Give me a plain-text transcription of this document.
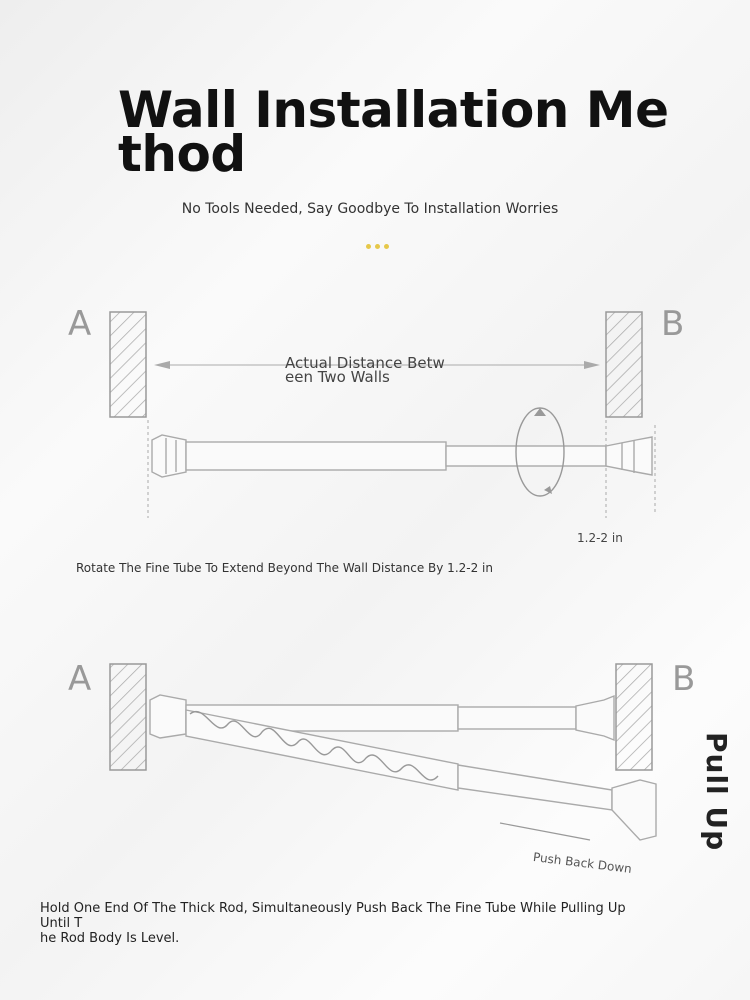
Wall Installation Me
thod
No Tools Needed, Say Goodbye To Installation Worries
A	B
Actual Distance Betw
een Two Walls
1.2-2 in
Rotate The Fine Tube To Extend Beyond The Wall Distance By 1.2-2 in
A	B
Push Back Down
Pull Up
Hold One End Of The Thick Rod, Simultaneously Push Back The Fine Tube While Pulling Up Until T
he Rod Body Is Level.
